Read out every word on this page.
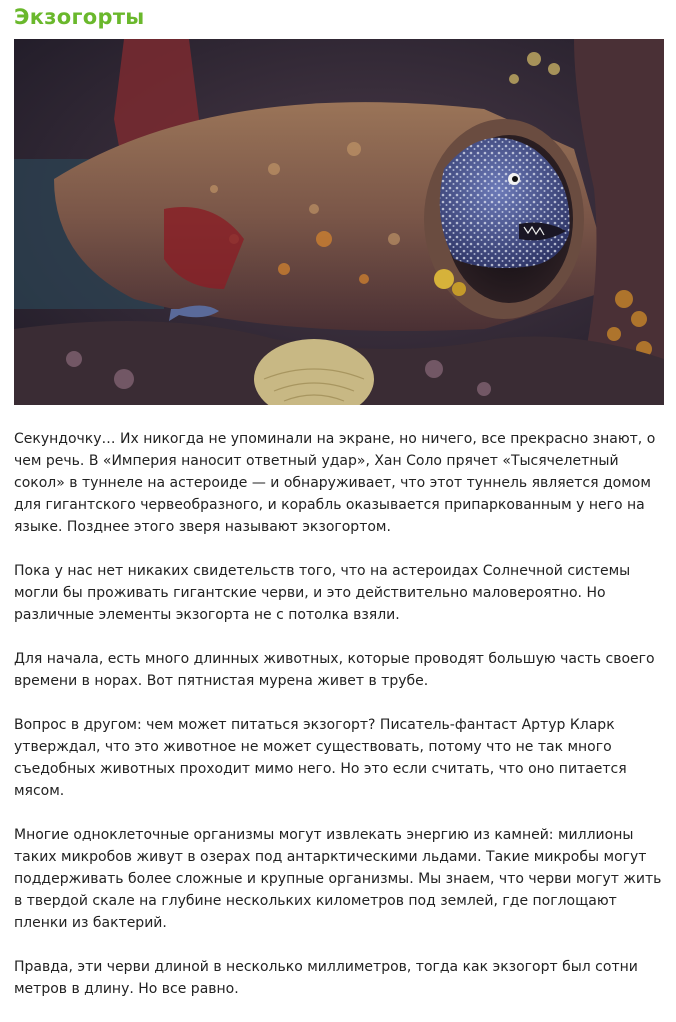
Экзогорты

Секундочку… Их никогда не упоминали на экране, но ничего, все прекрасно знают, о чем речь. В «Империя наносит ответный удар», Хан Соло прячет «Тысячелетный сокол» в туннеле на астероиде — и обнаруживает, что этот туннель является домом для гигантского червеобразного, и корабль оказывается припаркованным у него на языке. Позднее этого зверя называют экзогортом.

Пока у нас нет никаких свидетельств того, что на астероидах Солнечной системы могли бы проживать гигантские черви, и это действительно маловероятно. Но различные элементы экзогорта не с потолка взяли.

Для начала, есть много длинных животных, которые проводят большую часть своего времени в норах. Вот пятнистая мурена живет в трубе.

Вопрос в другом: чем может питаться экзогорт? Писатель-фантаст Артур Кларк утверждал, что это животное не может существовать, потому что не так много съедобных животных проходит мимо него. Но это если считать, что оно питается мясом.

Многие одноклеточные организмы могут извлекать энергию из камней: миллионы таких микробов живут в озерах под антарктическими льдами. Такие микробы могут поддерживать более сложные и крупные организмы. Мы знаем, что черви могут жить в твердой скале на глубине нескольких километров под землей, где поглощают пленки из бактерий.

Правда, эти черви длиной в несколько миллиметров, тогда как экзогорт был сотни метров в длину. Но все равно.
